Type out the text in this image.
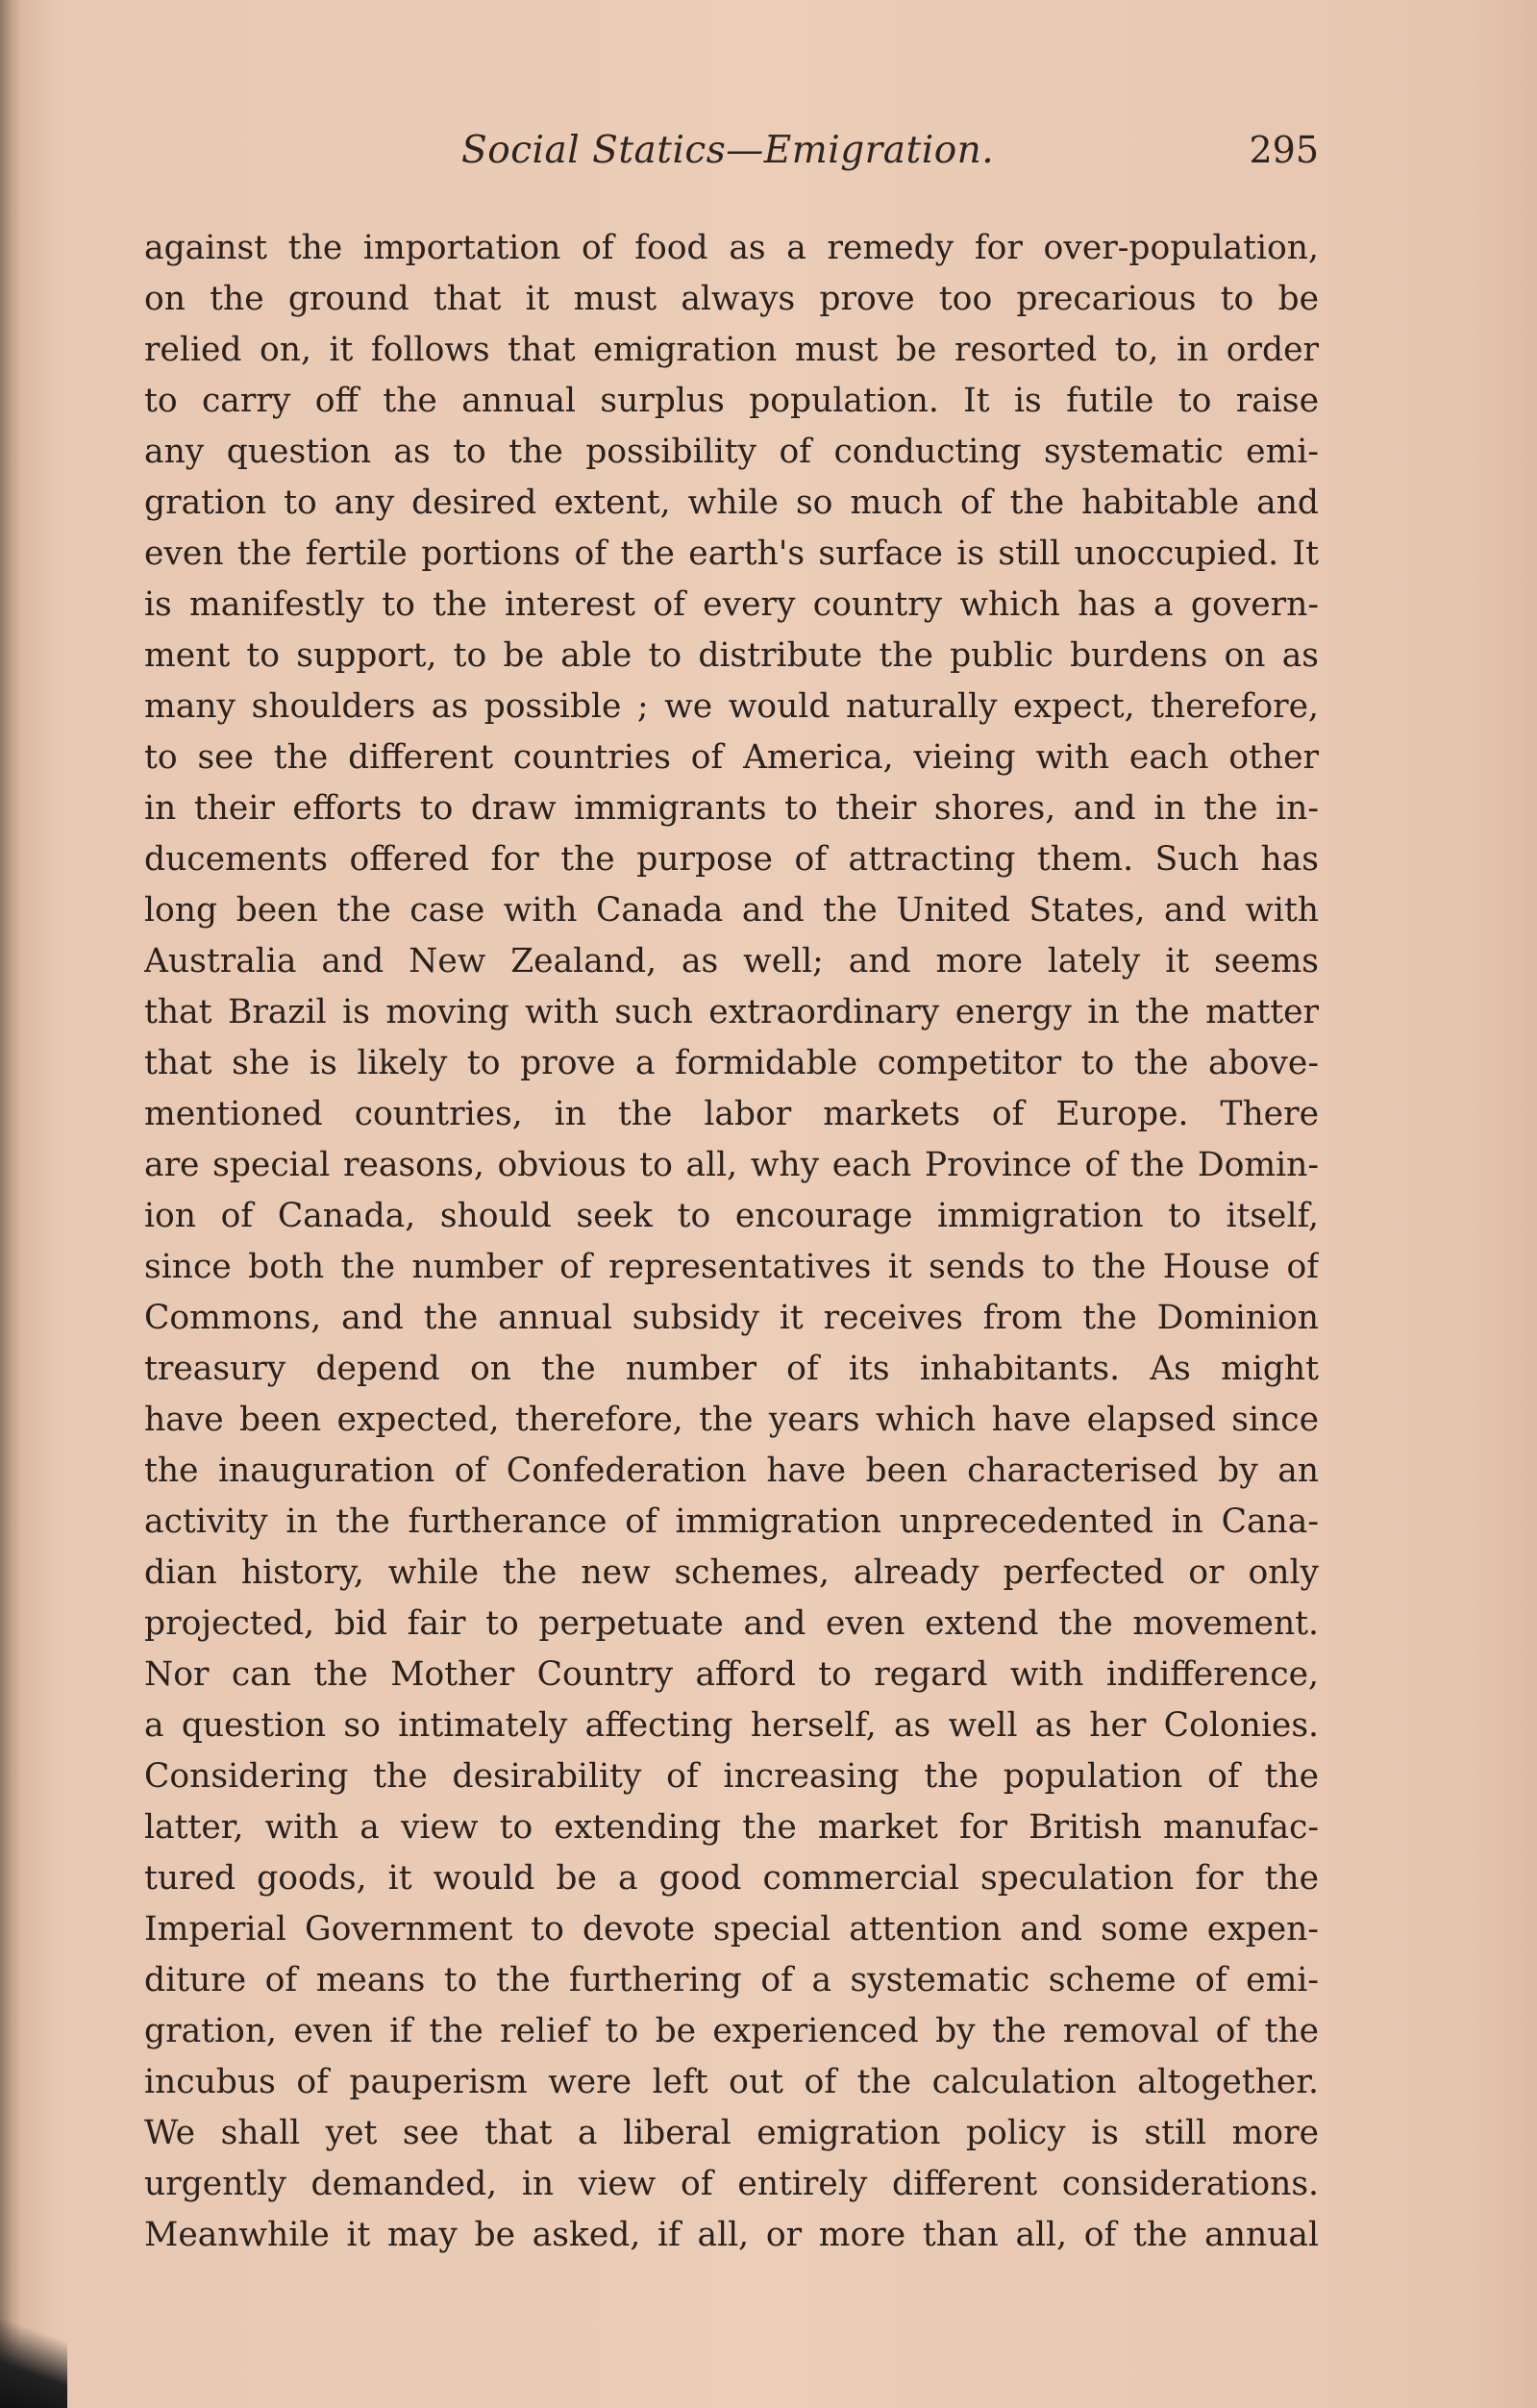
Social Statics—Emigration.	295
against the importation of food as a remedy for over-population,
on the ground that it must always prove too precarious to be
relied on, it follows that emigration must be resorted to, in order
to carry off the annual surplus population. It is futile to raise
any question as to the possibility of conducting systematic emi-
gration to any desired extent, while so much of the habitable and
even the fertile portions of the earth's surface is still unoccupied. It
is manifestly to the interest of every country which has a govern-
ment to support, to be able to distribute the public burdens on as
many shoulders as possible ; we would naturally expect, therefore,
to see the different countries of America, vieing with each other
in their efforts to draw immigrants to their shores, and in the in-
ducements offered for the purpose of attracting them. Such has
long been the case with Canada and the United States, and with
Australia and New Zealand, as well; and more lately it seems
that Brazil is moving with such extraordinary energy in the matter
that she is likely to prove a formidable competitor to the above-
mentioned countries, in the labor markets of Europe. There
are special reasons, obvious to all, why each Province of the Domin-
ion of Canada, should seek to encourage immigration to itself,
since both the number of representatives it sends to the House of
Commons, and the annual subsidy it receives from the Dominion
treasury depend on the number of its inhabitants. As might
have been expected, therefore, the years which have elapsed since
the inauguration of Confederation have been characterised by an
activity in the furtherance of immigration unprecedented in Cana-
dian history, while the new schemes, already perfected or only
projected, bid fair to perpetuate and even extend the movement.
Nor can the Mother Country afford to regard with indifference,
a question so intimately affecting herself, as well as her Colonies.
Considering the desirability of increasing the population of the
latter, with a view to extending the market for British manufac-
tured goods, it would be a good commercial speculation for the
Imperial Government to devote special attention and some expen-
diture of means to the furthering of a systematic scheme of emi-
gration, even if the relief to be experienced by the removal of the
incubus of pauperism were left out of the calculation altogether.
We shall yet see that a liberal emigration policy is still more
urgently demanded, in view of entirely different considerations.
Meanwhile it may be asked, if all, or more than all, of the annual
